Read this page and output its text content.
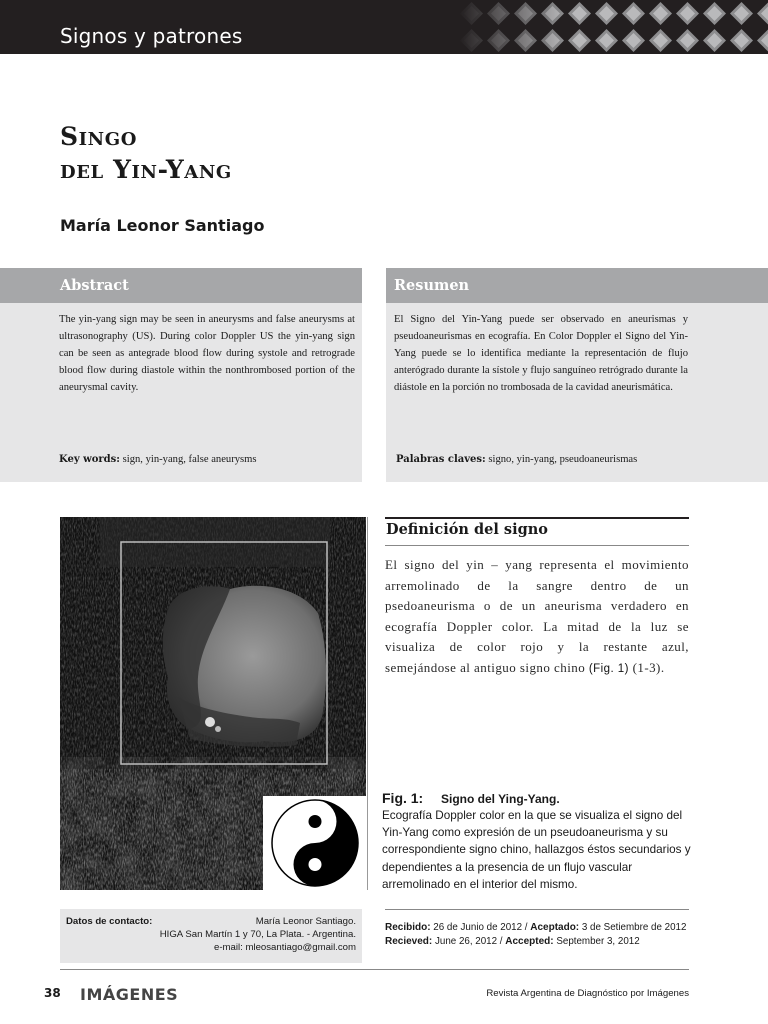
Signos y patrones
Singo
del Yin-Yang
María Leonor Santiago
Abstract
The yin-yang sign may be seen in aneurysms and false aneurysms at ultrasonography (US). During color Doppler US the yin-yang sign can be seen as antegrade blood flow during systole and retrograde blood flow during diastole within the nonthrombosed portion of the aneurysmal cavity.
Key words: sign, yin-yang, false aneurysms
Resumen
El Signo del Yin-Yang puede ser observado en aneurismas y pseudoaneurismas en ecografía. En Color Doppler el Signo del Yin-Yang puede se lo identifica mediante la representación de flujo anterógrado durante la sístole y flujo sanguíneo retrógrado durante la diástole en la porción no trombosada de la cavidad aneurismática.
Palabras claves: signo, yin-yang, pseudoaneurismas
Definición del signo
El signo del yin – yang representa el movimiento arremolinado de la sangre dentro de un psedoaneurisma o de un aneurisma verdadero en ecografía Doppler color. La mitad de la luz se visualiza de color rojo y la restante azul, semejándose al antiguo signo chino (Fig. 1) (1-3).
Fig. 1: Signo del Ying-Yang.
Ecografía Doppler color en la que se visualiza el signo del Yin-Yang como expresión de un pseudoaneurisma y su correspondiente signo chino, hallazgos éstos secundarios y dependientes a la presencia de un flujo vascular arremolinado en el interior del mismo.
Datos de contacto:	María Leonor Santiago.
HIGA San Martín 1 y 70, La Plata. - Argentina.
e-mail: mleosantiago@gmail.com
Recibido: 26 de Junio de 2012 / Aceptado: 3 de Setiembre de 2012
Recieved: June 26, 2012 / Accepted: September 3, 2012
38 IMÁGENES	Revista Argentina de Diagnóstico por Imágenes
